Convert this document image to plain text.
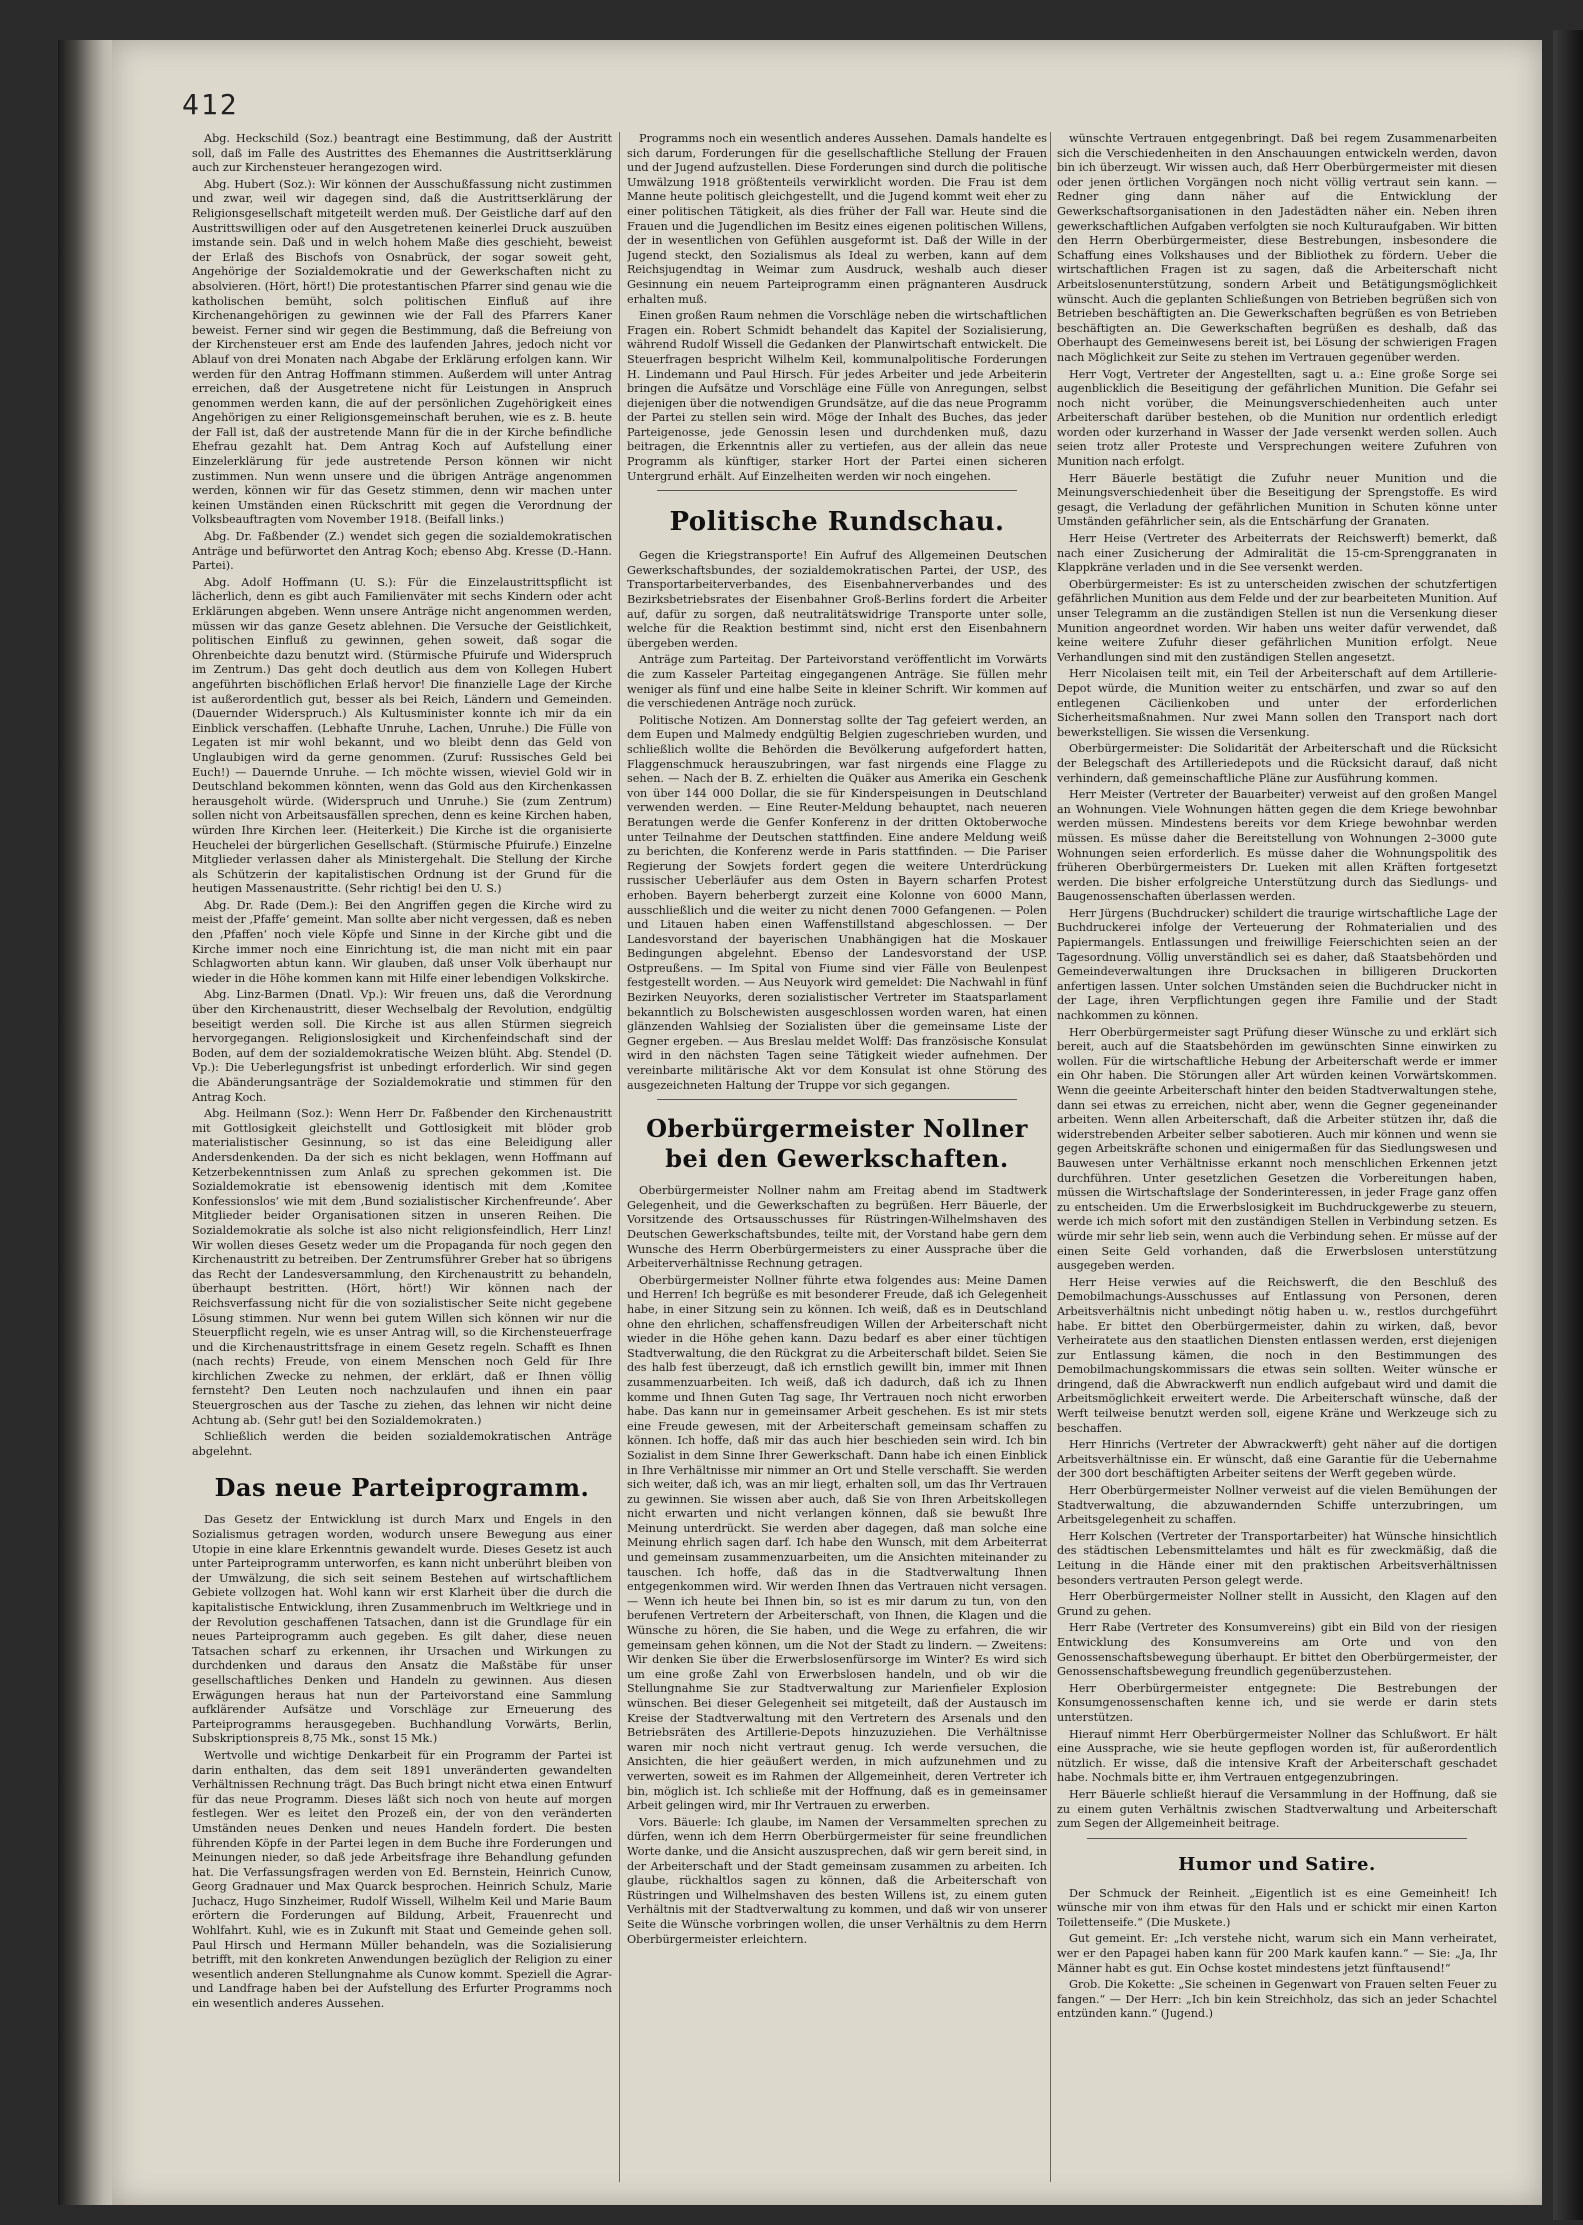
412

Abg. Heckschild (Soz.) beantragt eine Bestimmung, daß der Austritt soll, daß im Falle des Austrittes des Ehemannes die Austrittserklärung auch zur Kirchensteuer herangezogen wird.

Abg. Hubert (Soz.): Wir können der Ausschußfassung nicht zustimmen und zwar, weil wir dagegen sind, daß die Austrittserklärung der Religionsgesellschaft mitgeteilt werden muß. Der Geistliche darf auf den Austrittswilligen oder auf den Ausgetretenen keinerlei Druck auszuüben imstande sein. Daß und in welch hohem Maße dies geschieht, beweist der Erlaß des Bischofs von Osnabrück, der sogar soweit geht, Angehörige der Sozialdemokratie und der Gewerkschaften nicht zu absolvieren. (Hört, hört!) Die protestantischen Pfarrer sind genau wie die katholischen bemüht, solch politischen Einfluß auf ihre Kirchenangehörigen zu gewinnen wie der Fall des Pfarrers Kaner beweist. Ferner sind wir gegen die Bestimmung, daß die Befreiung von der Kirchensteuer erst am Ende des laufenden Jahres, jedoch nicht vor Ablauf von drei Monaten nach Abgabe der Erklärung erfolgen kann. Wir werden für den Antrag Hoffmann stimmen. Außerdem will unter Antrag erreichen, daß der Ausgetretene nicht für Leistungen in Anspruch genommen werden kann, die auf der persönlichen Zugehörigkeit eines Angehörigen zu einer Religionsgemeinschaft beruhen, wie es z. B. heute der Fall ist, daß der austretende Mann für die in der Kirche befindliche Ehefrau gezahlt hat. Dem Antrag Koch auf Aufstellung einer Einzelerklärung für jede austretende Person können wir nicht zustimmen. Nun wenn unsere und die übrigen Anträge angenommen werden, können wir für das Gesetz stimmen, denn wir machen unter keinen Umständen einen Rückschritt mit gegen die Verordnung der Volksbeauftragten vom November 1918. (Beifall links.)

Abg. Dr. Faßbender (Z.) wendet sich gegen die sozialdemokratischen Anträge und befürwortet den Antrag Koch; ebenso Abg. Kresse (D.-Hann. Partei).

Abg. Adolf Hoffmann (U. S.): Für die Einzelaustrittspflicht ist lächerlich, denn es gibt auch Familienväter mit sechs Kindern oder acht Erklärungen abgeben. Wenn unsere Anträge nicht angenommen werden, müssen wir das ganze Gesetz ablehnen. Die Versuche der Geistlichkeit, politischen Einfluß zu gewinnen, gehen soweit, daß sogar die Ohrenbeichte dazu benutzt wird. (Stürmische Pfuirufe und Widerspruch im Zentrum.) Das geht doch deutlich aus dem von Kollegen Hubert angeführten bischöflichen Erlaß hervor! Die finanzielle Lage der Kirche ist außerordentlich gut, besser als bei Reich, Ländern und Gemeinden. (Dauernder Widerspruch.) Als Kultusminister konnte ich mir da ein Einblick verschaffen. (Lebhafte Unruhe, Lachen, Unruhe.) Die Fülle von Legaten ist mir wohl bekannt, und wo bleibt denn das Geld von Unglaubigen wird da gerne genommen. (Zuruf: Russisches Geld bei Euch!) — Dauernde Unruhe. — Ich möchte wissen, wieviel Gold wir in Deutschland bekommen könnten, wenn das Gold aus den Kirchenkassen herausgeholt würde. (Widerspruch und Unruhe.) Sie (zum Zentrum) sollen nicht von Arbeitsausfällen sprechen, denn es keine Kirchen haben, würden Ihre Kirchen leer. (Heiterkeit.) Die Kirche ist die organisierte Heuchelei der bürgerlichen Gesellschaft. (Stürmische Pfuirufe.) Einzelne Mitglieder verlassen daher als Ministergehalt. Die Stellung der Kirche als Schützerin der kapitalistischen Ordnung ist der Grund für die heutigen Massenaustritte. (Sehr richtig! bei den U. S.)

Abg. Dr. Rade (Dem.): Bei den Angriffen gegen die Kirche wird zu meist der ‚Pfaffe‘ gemeint. Man sollte aber nicht vergessen, daß es neben den ‚Pfaffen‘ noch viele Köpfe und Sinne in der Kirche gibt und die Kirche immer noch eine Einrichtung ist, die man nicht mit ein paar Schlagworten abtun kann. Wir glauben, daß unser Volk überhaupt nur wieder in die Höhe kommen kann mit Hilfe einer lebendigen Volkskirche.

Abg. Linz-Barmen (Dnatl. Vp.): Wir freuen uns, daß die Verordnung über den Kirchenaustritt, dieser Wechselbalg der Revolution, endgültig beseitigt werden soll. Die Kirche ist aus allen Stürmen siegreich hervorgegangen. Religionslosigkeit und Kirchenfeindschaft sind der Boden, auf dem der sozialdemokratische Weizen blüht. Abg. Stendel (D. Vp.): Die Ueberlegungsfrist ist unbedingt erforderlich. Wir sind gegen die Abänderungsanträge der Sozialdemokratie und stimmen für den Antrag Koch.

Abg. Heilmann (Soz.): Wenn Herr Dr. Faßbender den Kirchenaustritt mit Gottlosigkeit gleichstellt und Gottlosigkeit mit blöder grob materialistischer Gesinnung, so ist das eine Beleidigung aller Andersdenkenden. Da der sich es nicht beklagen, wenn Hoffmann auf Ketzerbekenntnissen zum Anlaß zu sprechen gekommen ist. Die Sozialdemokratie ist ebensowenig identisch mit dem ‚Komitee Konfessionslos‘ wie mit dem ‚Bund sozialistischer Kirchenfreunde‘. Aber Mitglieder beider Organisationen sitzen in unseren Reihen. Die Sozialdemokratie als solche ist also nicht religionsfeindlich, Herr Linz! Wir wollen dieses Gesetz weder um die Propaganda für noch gegen den Kirchenaustritt zu betreiben. Der Zentrumsführer Greber hat so übrigens das Recht der Landesversammlung, den Kirchenaustritt zu behandeln, überhaupt bestritten. (Hört, hört!) Wir können nach der Reichsverfassung nicht für die von sozialistischer Seite nicht gegebene Lösung stimmen. Nur wenn bei gutem Willen sich können wir nur die Steuerpflicht regeln, wie es unser Antrag will, so die Kirchensteuerfrage und die Kirchenaustrittsfrage in einem Gesetz regeln. Schafft es Ihnen (nach rechts) Freude, von einem Menschen noch Geld für Ihre kirchlichen Zwecke zu nehmen, der erklärt, daß er Ihnen völlig fernsteht? Den Leuten noch nachzulaufen und ihnen ein paar Steuergroschen aus der Tasche zu ziehen, das lehnen wir nicht deine Achtung ab. (Sehr gut! bei den Sozialdemokraten.)

Schließlich werden die beiden sozialdemokratischen Anträge abgelehnt.

Das neue Parteiprogramm.

Das Gesetz der Entwicklung ist durch Marx und Engels in den Sozialismus getragen worden, wodurch unsere Bewegung aus einer Utopie in eine klare Erkenntnis gewandelt wurde. Dieses Gesetz ist auch unter Parteiprogramm unterworfen, es kann nicht unberührt bleiben von der Umwälzung, die sich seit seinem Bestehen auf wirtschaftlichem Gebiete vollzogen hat. Wohl kann wir erst Klarheit über die durch die kapitalistische Entwicklung, ihren Zusammenbruch im Weltkriege und in der Revolution geschaffenen Tatsachen, dann ist die Grundlage für ein neues Parteiprogramm auch gegeben. Es gilt daher, diese neuen Tatsachen scharf zu erkennen, ihr Ursachen und Wirkungen zu durchdenken und daraus den Ansatz die Maßstäbe für unser gesellschaftliches Denken und Handeln zu gewinnen. Aus diesen Erwägungen heraus hat nun der Parteivorstand eine Sammlung aufklärender Aufsätze und Vorschläge zur Erneuerung des Parteiprogramms herausgegeben. Buchhandlung Vorwärts, Berlin, Subskriptionspreis 8,75 Mk., sonst 15 Mk.)

Wertvolle und wichtige Denkarbeit für ein Programm der Partei ist darin enthalten, das dem seit 1891 unveränderten gewandelten Verhältnissen Rechnung trägt. Das Buch bringt nicht etwa einen Entwurf für das neue Programm. Dieses läßt sich noch von heute auf morgen festlegen. Wer es leitet den Prozeß ein, der von den veränderten Umständen neues Denken und neues Handeln fordert. Die besten führenden Köpfe in der Partei legen in dem Buche ihre Forderungen und Meinungen nieder, so daß jede Arbeitsfrage ihre Behandlung gefunden hat. Die Verfassungsfragen werden von Ed. Bernstein, Heinrich Cunow, Georg Gradnauer und Max Quarck besprochen. Heinrich Schulz, Marie Juchacz, Hugo Sinzheimer, Rudolf Wissell, Wilhelm Keil und Marie Baum erörtern die Forderungen auf Bildung, Arbeit, Frauenrecht und Wohlfahrt. Kuhl, wie es in Zukunft mit Staat und Gemeinde gehen soll. Paul Hirsch und Hermann Müller behandeln, was die Sozialisierung betrifft, mit den konkreten Anwendungen bezüglich der Religion zu einer wesentlich anderen Stellungnahme als Cunow kommt. Speziell die Agrar- und Landfrage haben bei der Aufstellung des Erfurter Programms noch ein wesentlich anderes Aussehen.

Programms noch ein wesentlich anderes Aussehen. Damals handelte es sich darum, Forderungen für die gesellschaftliche Stellung der Frauen und der Jugend aufzustellen. Diese Forderungen sind durch die politische Umwälzung 1918 größtenteils verwirklicht worden. Die Frau ist dem Manne heute politisch gleichgestellt, und die Jugend kommt weit eher zu einer politischen Tätigkeit, als dies früher der Fall war. Heute sind die Frauen und die Jugendlichen im Besitz eines eigenen politischen Willens, der in wesentlichen von Gefühlen ausgeformt ist. Daß der Wille in der Jugend steckt, den Sozialismus als Ideal zu werben, kann auf dem Reichsjugendtag in Weimar zum Ausdruck, weshalb auch dieser Gesinnung ein neuem Parteiprogramm einen prägnanteren Ausdruck erhalten muß.

Einen großen Raum nehmen die Vorschläge neben die wirtschaftlichen Fragen ein. Robert Schmidt behandelt das Kapitel der Sozialisierung, während Rudolf Wissell die Gedanken der Planwirtschaft entwickelt. Die Steuerfragen bespricht Wilhelm Keil, kommunalpolitische Forderungen H. Lindemann und Paul Hirsch. Für jedes Arbeiter und jede Arbeiterin bringen die Aufsätze und Vorschläge eine Fülle von Anregungen, selbst diejenigen über die notwendigen Grundsätze, auf die das neue Programm der Partei zu stellen sein wird. Möge der Inhalt des Buches, das jeder Parteigenosse, jede Genossin lesen und durchdenken muß, dazu beitragen, die Erkenntnis aller zu vertiefen, aus der allein das neue Programm als künftiger, starker Hort der Partei einen sicheren Untergrund erhält. Auf Einzelheiten werden wir noch eingehen.

Politische Rundschau.

Gegen die Kriegstransporte! Ein Aufruf des Allgemeinen Deutschen Gewerkschaftsbundes, der sozialdemokratischen Partei, der USP., des Transportarbeiterverbandes, des Eisenbahnerverbandes und des Bezirksbetriebsrates der Eisenbahner Groß-Berlins fordert die Arbeiter auf, dafür zu sorgen, daß neutralitätswidrige Transporte unter solle, welche für die Reaktion bestimmt sind, nicht erst den Eisenbahnern übergeben werden.

Anträge zum Parteitag. Der Parteivorstand veröffentlicht im Vorwärts die zum Kasseler Parteitag eingegangenen Anträge. Sie füllen mehr weniger als fünf und eine halbe Seite in kleiner Schrift. Wir kommen auf die verschiedenen Anträge noch zurück.

Politische Notizen. Am Donnerstag sollte der Tag gefeiert werden, an dem Eupen und Malmedy endgültig Belgien zugeschrieben wurden, und schließlich wollte die Behörden die Bevölkerung aufgefordert hatten, Flaggenschmuck herauszubringen, war fast nirgends eine Flagge zu sehen. — Nach der B. Z. erhielten die Quäker aus Amerika ein Geschenk von über 144 000 Dollar, die sie für Kinderspeisungen in Deutschland verwenden werden. — Eine Reuter-Meldung behauptet, nach neueren Beratungen werde die Genfer Konferenz in der dritten Oktoberwoche unter Teilnahme der Deutschen stattfinden. Eine andere Meldung weiß zu berichten, die Konferenz werde in Paris stattfinden. — Die Pariser Regierung der Sowjets fordert gegen die weitere Unterdrückung russischer Ueberläufer aus dem Osten in Bayern scharfen Protest erhoben. Bayern beherbergt zurzeit eine Kolonne von 6000 Mann, ausschließlich und die weiter zu nicht denen 7000 Gefangenen. — Polen und Litauen haben einen Waffenstillstand abgeschlossen. — Der Landesvorstand der bayerischen Unabhängigen hat die Moskauer Bedingungen abgelehnt. Ebenso der Landesvorstand der USP. Ostpreußens. — Im Spital von Fiume sind vier Fälle von Beulenpest festgestellt worden. — Aus Neuyork wird gemeldet: Die Nachwahl in fünf Bezirken Neuyorks, deren sozialistischer Vertreter im Staatsparlament bekanntlich zu Bolschewisten ausgeschlossen worden waren, hat einen glänzenden Wahlsieg der Sozialisten über die gemeinsame Liste der Gegner ergeben. — Aus Breslau meldet Wolff: Das französische Konsulat wird in den nächsten Tagen seine Tätigkeit wieder aufnehmen. Der vereinbarte militärische Akt vor dem Konsulat ist ohne Störung des ausgezeichneten Haltung der Truppe vor sich gegangen.

Oberbürgermeister Nollner bei den Gewerkschaften.

Oberbürgermeister Nollner nahm am Freitag abend im Stadtwerk Gelegenheit, und die Gewerkschaften zu begrüßen. Herr Bäuerle, der Vorsitzende des Ortsausschusses für Rüstringen-Wilhelmshaven des Deutschen Gewerkschaftsbundes, teilte mit, der Vorstand habe gern dem Wunsche des Herrn Oberbürgermeisters zu einer Aussprache über die Arbeiterverhältnisse Rechnung getragen.

Oberbürgermeister Nollner führte etwa folgendes aus: Meine Damen und Herren! Ich begrüße es mit besonderer Freude, daß ich Gelegenheit habe, in einer Sitzung sein zu können. Ich weiß, daß es in Deutschland ohne den ehrlichen, schaffensfreudigen Willen der Arbeiterschaft nicht wieder in die Höhe gehen kann. Dazu bedarf es aber einer tüchtigen Stadtverwaltung, die den Rückgrat zu die Arbeiterschaft bildet. Seien Sie des halb fest überzeugt, daß ich ernstlich gewillt bin, immer mit Ihnen zusammenzuarbeiten. Ich weiß, daß ich dadurch, daß ich zu Ihnen komme und Ihnen Guten Tag sage, Ihr Vertrauen noch nicht erworben habe. Das kann nur in gemeinsamer Arbeit geschehen. Es ist mir stets eine Freude gewesen, mit der Arbeiterschaft gemeinsam schaffen zu können. Ich hoffe, daß mir das auch hier beschieden sein wird. Ich bin Sozialist in dem Sinne Ihrer Gewerkschaft. Dann habe ich einen Einblick in Ihre Verhältnisse mir nimmer an Ort und Stelle verschafft. Sie werden sich weiter, daß ich, was an mir liegt, erhalten soll, um das Ihr Vertrauen zu gewinnen. Sie wissen aber auch, daß Sie von Ihren Arbeitskollegen nicht erwarten und nicht verlangen können, daß sie bewußt Ihre Meinung unterdrückt. Sie werden aber dagegen, daß man solche eine Meinung ehrlich sagen darf. Ich habe den Wunsch, mit dem Arbeiterrat und gemeinsam zusammenzuarbeiten, um die Ansichten miteinander zu tauschen. Ich hoffe, daß das in die Stadtverwaltung Ihnen entgegenkommen wird. Wir werden Ihnen das Vertrauen nicht versagen. — Wenn ich heute bei Ihnen bin, so ist es mir darum zu tun, von den berufenen Vertretern der Arbeiterschaft, von Ihnen, die Klagen und die Wünsche zu hören, die Sie haben, und die Wege zu erfahren, die wir gemeinsam gehen können, um die Not der Stadt zu lindern. — Zweitens: Wir denken Sie über die Erwerbslosenfürsorge im Winter? Es wird sich um eine große Zahl von Erwerbslosen handeln, und ob wir die Stellungnahme Sie zur Stadtverwaltung zur Marienfieler Explosion wünschen. Bei dieser Gelegenheit sei mitgeteilt, daß der Austausch im Kreise der Stadtverwaltung mit den Vertretern des Arsenals und den Betriebsräten des Artillerie-Depots hinzuzuziehen. Die Verhältnisse waren mir noch nicht vertraut genug. Ich werde versuchen, die Ansichten, die hier geäußert werden, in mich aufzunehmen und zu verwerten, soweit es im Rahmen der Allgemeinheit, deren Vertreter ich bin, möglich ist. Ich schließe mit der Hoffnung, daß es in gemeinsamer Arbeit gelingen wird, mir Ihr Vertrauen zu erwerben.

Vors. Bäuerle: Ich glaube, im Namen der Versammelten sprechen zu dürfen, wenn ich dem Herrn Oberbürgermeister für seine freundlichen Worte danke, und die Ansicht auszusprechen, daß wir gern bereit sind, in der Arbeiterschaft und der Stadt gemeinsam zusammen zu arbeiten. Ich glaube, rückhaltlos sagen zu können, daß die Arbeiterschaft von Rüstringen und Wilhelmshaven des besten Willens ist, zu einem guten Verhältnis mit der Stadtverwaltung zu kommen, und daß wir von unserer Seite die Wünsche vorbringen wollen, die unser Verhältnis zu dem Herrn Oberbürgermeister erleichtern.

wünschte Vertrauen entgegenbringt. Daß bei regem Zusammenarbeiten sich die Verschiedenheiten in den Anschauungen entwickeln werden, davon bin ich überzeugt. Wir wissen auch, daß Herr Oberbürgermeister mit diesen oder jenen örtlichen Vorgängen noch nicht völlig vertraut sein kann. — Redner ging dann näher auf die Entwicklung der Gewerkschaftsorganisationen in den Jadestädten näher ein. Neben ihren gewerkschaftlichen Aufgaben verfolgten sie noch Kulturaufgaben. Wir bitten den Herrn Oberbürgermeister, diese Bestrebungen, insbesondere die Schaffung eines Volkshauses und der Bibliothek zu fördern. Ueber die wirtschaftlichen Fragen ist zu sagen, daß die Arbeiterschaft nicht Arbeitslosenunterstützung, sondern Arbeit und Betätigungsmöglichkeit wünscht. Auch die geplanten Schließungen von Betrieben begrüßen sich von Betrieben beschäftigten an. Die Gewerkschaften begrüßen es von Betrieben beschäftigten an. Die Gewerkschaften begrüßen es deshalb, daß das Oberhaupt des Gemeinwesens bereit ist, bei Lösung der schwierigen Fragen nach Möglichkeit zur Seite zu stehen im Vertrauen gegenüber werden.

Herr Vogt, Vertreter der Angestellten, sagt u. a.: Eine große Sorge sei augenblicklich die Beseitigung der gefährlichen Munition. Die Gefahr sei noch nicht vorüber, die Meinungsverschiedenheiten auch unter Arbeiterschaft darüber bestehen, ob die Munition nur ordentlich erledigt worden oder kurzerhand in Wasser der Jade versenkt werden sollen. Auch seien trotz aller Proteste und Versprechungen weitere Zufuhren von Munition nach erfolgt.

Herr Bäuerle bestätigt die Zufuhr neuer Munition und die Meinungsverschiedenheit über die Beseitigung der Sprengstoffe. Es wird gesagt, die Verladung der gefährlichen Munition in Schuten könne unter Umständen gefährlicher sein, als die Entschärfung der Granaten.

Herr Heise (Vertreter des Arbeiterrats der Reichswerft) bemerkt, daß nach einer Zusicherung der Admiralität die 15-cm-Sprenggranaten in Klappkräne verladen und in die See versenkt werden.

Oberbürgermeister: Es ist zu unterscheiden zwischen der schutzfertigen gefährlichen Munition aus dem Felde und der zur bearbeiteten Munition. Auf unser Telegramm an die zuständigen Stellen ist nun die Versenkung dieser Munition angeordnet worden. Wir haben uns weiter dafür verwendet, daß keine weitere Zufuhr dieser gefährlichen Munition erfolgt. Neue Verhandlungen sind mit den zuständigen Stellen angesetzt.

Herr Nicolaisen teilt mit, ein Teil der Arbeiterschaft auf dem Artillerie-Depot würde, die Munition weiter zu entschärfen, und zwar so auf den entlegenen Cäcilienkoben und unter der erforderlichen Sicherheitsmaßnahmen. Nur zwei Mann sollen den Transport nach dort bewerkstelligen. Sie wissen die Versenkung.

Oberbürgermeister: Die Solidarität der Arbeiterschaft und die Rücksicht der Belegschaft des Artilleriedepots und die Rücksicht darauf, daß nicht verhindern, daß gemeinschaftliche Pläne zur Ausführung kommen.

Herr Meister (Vertreter der Bauarbeiter) verweist auf den großen Mangel an Wohnungen. Viele Wohnungen hätten gegen die dem Kriege bewohnbar werden müssen. Mindestens bereits vor dem Kriege bewohnbar werden müssen. Es müsse daher die Bereitstellung von Wohnungen 2–3000 gute Wohnungen seien erforderlich. Es müsse daher die Wohnungspolitik des früheren Oberbürgermeisters Dr. Lueken mit allen Kräften fortgesetzt werden. Die bisher erfolgreiche Unterstützung durch das Siedlungs- und Baugenossenschaften überlassen werden.

Herr Jürgens (Buchdrucker) schildert die traurige wirtschaftliche Lage der Buchdruckerei infolge der Verteuerung der Rohmaterialien und des Papiermangels. Entlassungen und freiwillige Feierschichten seien an der Tagesordnung. Völlig unverständlich sei es daher, daß Staatsbehörden und Gemeindeverwaltungen ihre Drucksachen in billigeren Druckorten anfertigen lassen. Unter solchen Umständen seien die Buchdrucker nicht in der Lage, ihren Verpflichtungen gegen ihre Familie und der Stadt nachkommen zu können.

Herr Oberbürgermeister sagt Prüfung dieser Wünsche zu und erklärt sich bereit, auch auf die Staatsbehörden im gewünschten Sinne einwirken zu wollen. Für die wirtschaftliche Hebung der Arbeiterschaft werde er immer ein Ohr haben. Die Störungen aller Art würden keinen Vorwärtskommen. Wenn die geeinte Arbeiterschaft hinter den beiden Stadtverwaltungen stehe, dann sei etwas zu erreichen, nicht aber, wenn die Gegner gegeneinander arbeiten. Wenn allen Arbeiterschaft, daß die Arbeiter stützen ihr, daß die widerstrebenden Arbeiter selber sabotieren. Auch mir können und wenn sie gegen Arbeitskräfte schonen und einigermaßen für das Siedlungswesen und Bauwesen unter Verhältnisse erkannt noch menschlichen Erkennen jetzt durchführen. Unter gesetzlichen Gesetzen die Vorbereitungen haben, müssen die Wirtschaftslage der Sonderinteressen, in jeder Frage ganz offen zu entscheiden. Um die Erwerbslosigkeit im Buchdruckgewerbe zu steuern, werde ich mich sofort mit den zuständigen Stellen in Verbindung setzen. Es würde mir sehr lieb sein, wenn auch die Verbindung sehen. Er müsse auf der einen Seite Geld vorhanden, daß die Erwerbslosen unterstützung ausgegeben werden.

Herr Heise verwies auf die Reichswerft, die den Beschluß des Demobilmachungs-Ausschusses auf Entlassung von Personen, deren Arbeitsverhältnis nicht unbedingt nötig haben u. w., restlos durchgeführt habe. Er bittet den Oberbürgermeister, dahin zu wirken, daß, bevor Verheiratete aus den staatlichen Diensten entlassen werden, erst diejenigen zur Entlassung kämen, die noch in den Bestimmungen des Demobilmachungskommissars die etwas sein sollten. Weiter wünsche er dringend, daß die Abwrackwerft nun endlich aufgebaut wird und damit die Arbeitsmöglichkeit erweitert werde. Die Arbeiterschaft wünsche, daß der Werft teilweise benutzt werden soll, eigene Kräne und Werkzeuge sich zu beschaffen.

Herr Hinrichs (Vertreter der Abwrackwerft) geht näher auf die dortigen Arbeitsverhältnisse ein. Er wünscht, daß eine Garantie für die Uebernahme der 300 dort beschäftigten Arbeiter seitens der Werft gegeben würde.

Herr Oberbürgermeister Nollner verweist auf die vielen Bemühungen der Stadtverwaltung, die abzuwandernden Schiffe unterzubringen, um Arbeitsgelegenheit zu schaffen.

Herr Kolschen (Vertreter der Transportarbeiter) hat Wünsche hinsichtlich des städtischen Lebensmittelamtes und hält es für zweckmäßig, daß die Leitung in die Hände einer mit den praktischen Arbeitsverhältnissen besonders vertrauten Person gelegt werde.

Herr Oberbürgermeister Nollner stellt in Aussicht, den Klagen auf den Grund zu gehen.

Herr Rabe (Vertreter des Konsumvereins) gibt ein Bild von der riesigen Entwicklung des Konsumvereins am Orte und von den Genossenschaftsbewegung überhaupt. Er bittet den Oberbürgermeister, der Genossenschaftsbewegung freundlich gegenüberzustehen.

Herr Oberbürgermeister entgegnete: Die Bestrebungen der Konsumgenossenschaften kenne ich, und sie werde er darin stets unterstützen.

Hierauf nimmt Herr Oberbürgermeister Nollner das Schlußwort. Er hält eine Aussprache, wie sie heute gepflogen worden ist, für außerordentlich nützlich. Er wisse, daß die intensive Kraft der Arbeiterschaft geschadet habe. Nochmals bitte er, ihm Vertrauen entgegenzubringen.

Herr Bäuerle schließt hierauf die Versammlung in der Hoffnung, daß sie zu einem guten Verhältnis zwischen Stadtverwaltung und Arbeiterschaft zum Segen der Allgemeinheit beitrage.

Humor und Satire.

Der Schmuck der Reinheit. „Eigentlich ist es eine Gemeinheit! Ich wünsche mir von ihm etwas für den Hals und er schickt mir einen Karton Toilettenseife.“ (Die Muskete.)

Gut gemeint. Er: „Ich verstehe nicht, warum sich ein Mann verheiratet, wer er den Papagei haben kann für 200 Mark kaufen kann.“ — Sie: „Ja, Ihr Männer habt es gut. Ein Ochse kostet mindestens jetzt fünftausend!“

Grob. Die Kokette: „Sie scheinen in Gegenwart von Frauen selten Feuer zu fangen.“ — Der Herr: „Ich bin kein Streichholz, das sich an jeder Schachtel entzünden kann.“ (Jugend.)
